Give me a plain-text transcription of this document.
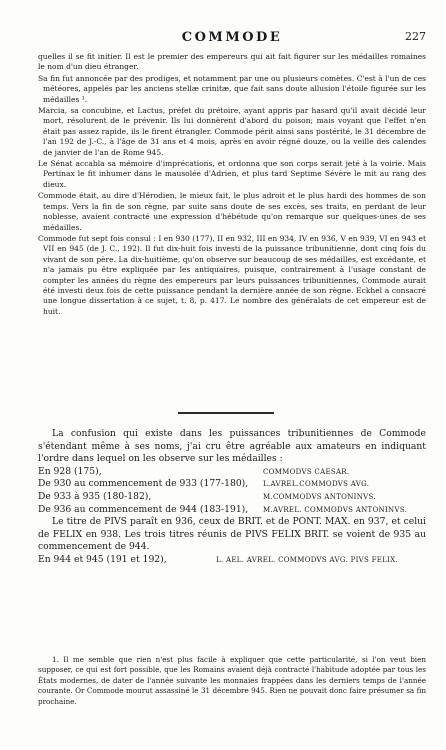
COMMODE	227

quelles il se fit initier. Il est le premier des empereurs qui ait fait figurer sur les médailles romaines le nom d'un dieu étranger.

Sa fin fut annoncée par des prodiges, et notamment par une ou plusieurs comètes. C'est à l'un de ces météores, appelés par les anciens stellæ crinitæ, que fait sans doute allusion l'étoile figurée sur les médailles ¹.

Marcia, sa concubine, et Lactus, préfet du prétoire, ayant appris par hasard qu'il avait décidé leur mort, résolurent de le prévenir. Ils lui donnèrent d'abord du poison; mais voyant que l'effet n'en était pas assez rapide, ils le firent étrangler. Commode périt ainsi sans postérité, le 31 décembre de l'an 192 de J.-C., à l'âge de 31 ans et 4 mois, après en avoir régné douze, ou la veille des calendes de janvier de l'an de Rome 945.

Le Sénat accabla sa mémoire d'imprécations, et ordonna que son corps serait jeté à la voirie. Mais Pertinax le fit inhumer dans le mausolée d'Adrien, et plus tard Septime Sévère le mit au rang des dieux.

Commode était, au dire d'Hérodien, le mieux fait, le plus adroit et le plus hardi des hommes de son temps. Vers la fin de son règne, par suite sans doute de ses excès, ses traits, en perdant de leur noblesse, avaient contracté une expression d'hébétude qu'on remarque sur quelques-unes de ses médailles.

Commode fut sept fois consul : I en 930 (177), II en 932, III en 934, IV en 936, V en 939, VI en 943 et VII en 945 (de J. C., 192). Il fut dix-huit fois investi de la puissance tribunitienne, dont cinq fois du vivant de son père. La dix-huitième, qu'on observe sur beaucoup de ses médailles, est excédante, et n'a jamais pu être expliquée par les antiquaires, puisque, contrairement à l'usage constant de compter les années du règne des empereurs par leurs puissances tribunitiennes, Commode aurait été investi deux fois de cette puissance pendant la dernière année de son règne. Eckhel a consacré une longue dissertation à ce sujet, t. 8, p. 417. Le nombre des généralats de cet empereur est de huit.

La confusion qui existe dans les puissances tribunitiennes de Commode s'étendant même à ses noms, j'ai cru être agréable aux amateurs en indiquant l'ordre dans lequel on les observe sur les médailles :

En 928 (175),	COMMODVS CAESAR.
De 930 au commencement de 933 (177-180),	L.AVREL.COMMODVS AVG.
De 933 à 935 (180-182),	M.COMMODVS ANTONINVS.
De 936 au commencement de 944 (183-191),	M.AVREL. COMMODVS ANTONINVS.

Le titre de PIVS paraît en 936, ceux de BRIT. et de PONT. MAX. en 937, et celui de FELIX en 938. Les trois titres réunis de PIVS FELIX BRIT. se voient de 935 au commencement de 944.

En 944 et 945 (191 et 192),	L. AEL. AVREL. COMMODVS AVG. PIVS FELIX.

1. Il me semble que rien n'est plus facile à expliquer que cette particularité, si l'on veut bien supposer, ce qui est fort possible, que les Romains avaient déjà contracté l'habitude adoptée par tous les États modernes, de dater de l'année suivante les monnaies frappées dans les derniers temps de l'année courante. Or Commode mourut assassiné le 31 décembre 945. Rien ne pouvait donc faire présumer sa fin prochaine.
